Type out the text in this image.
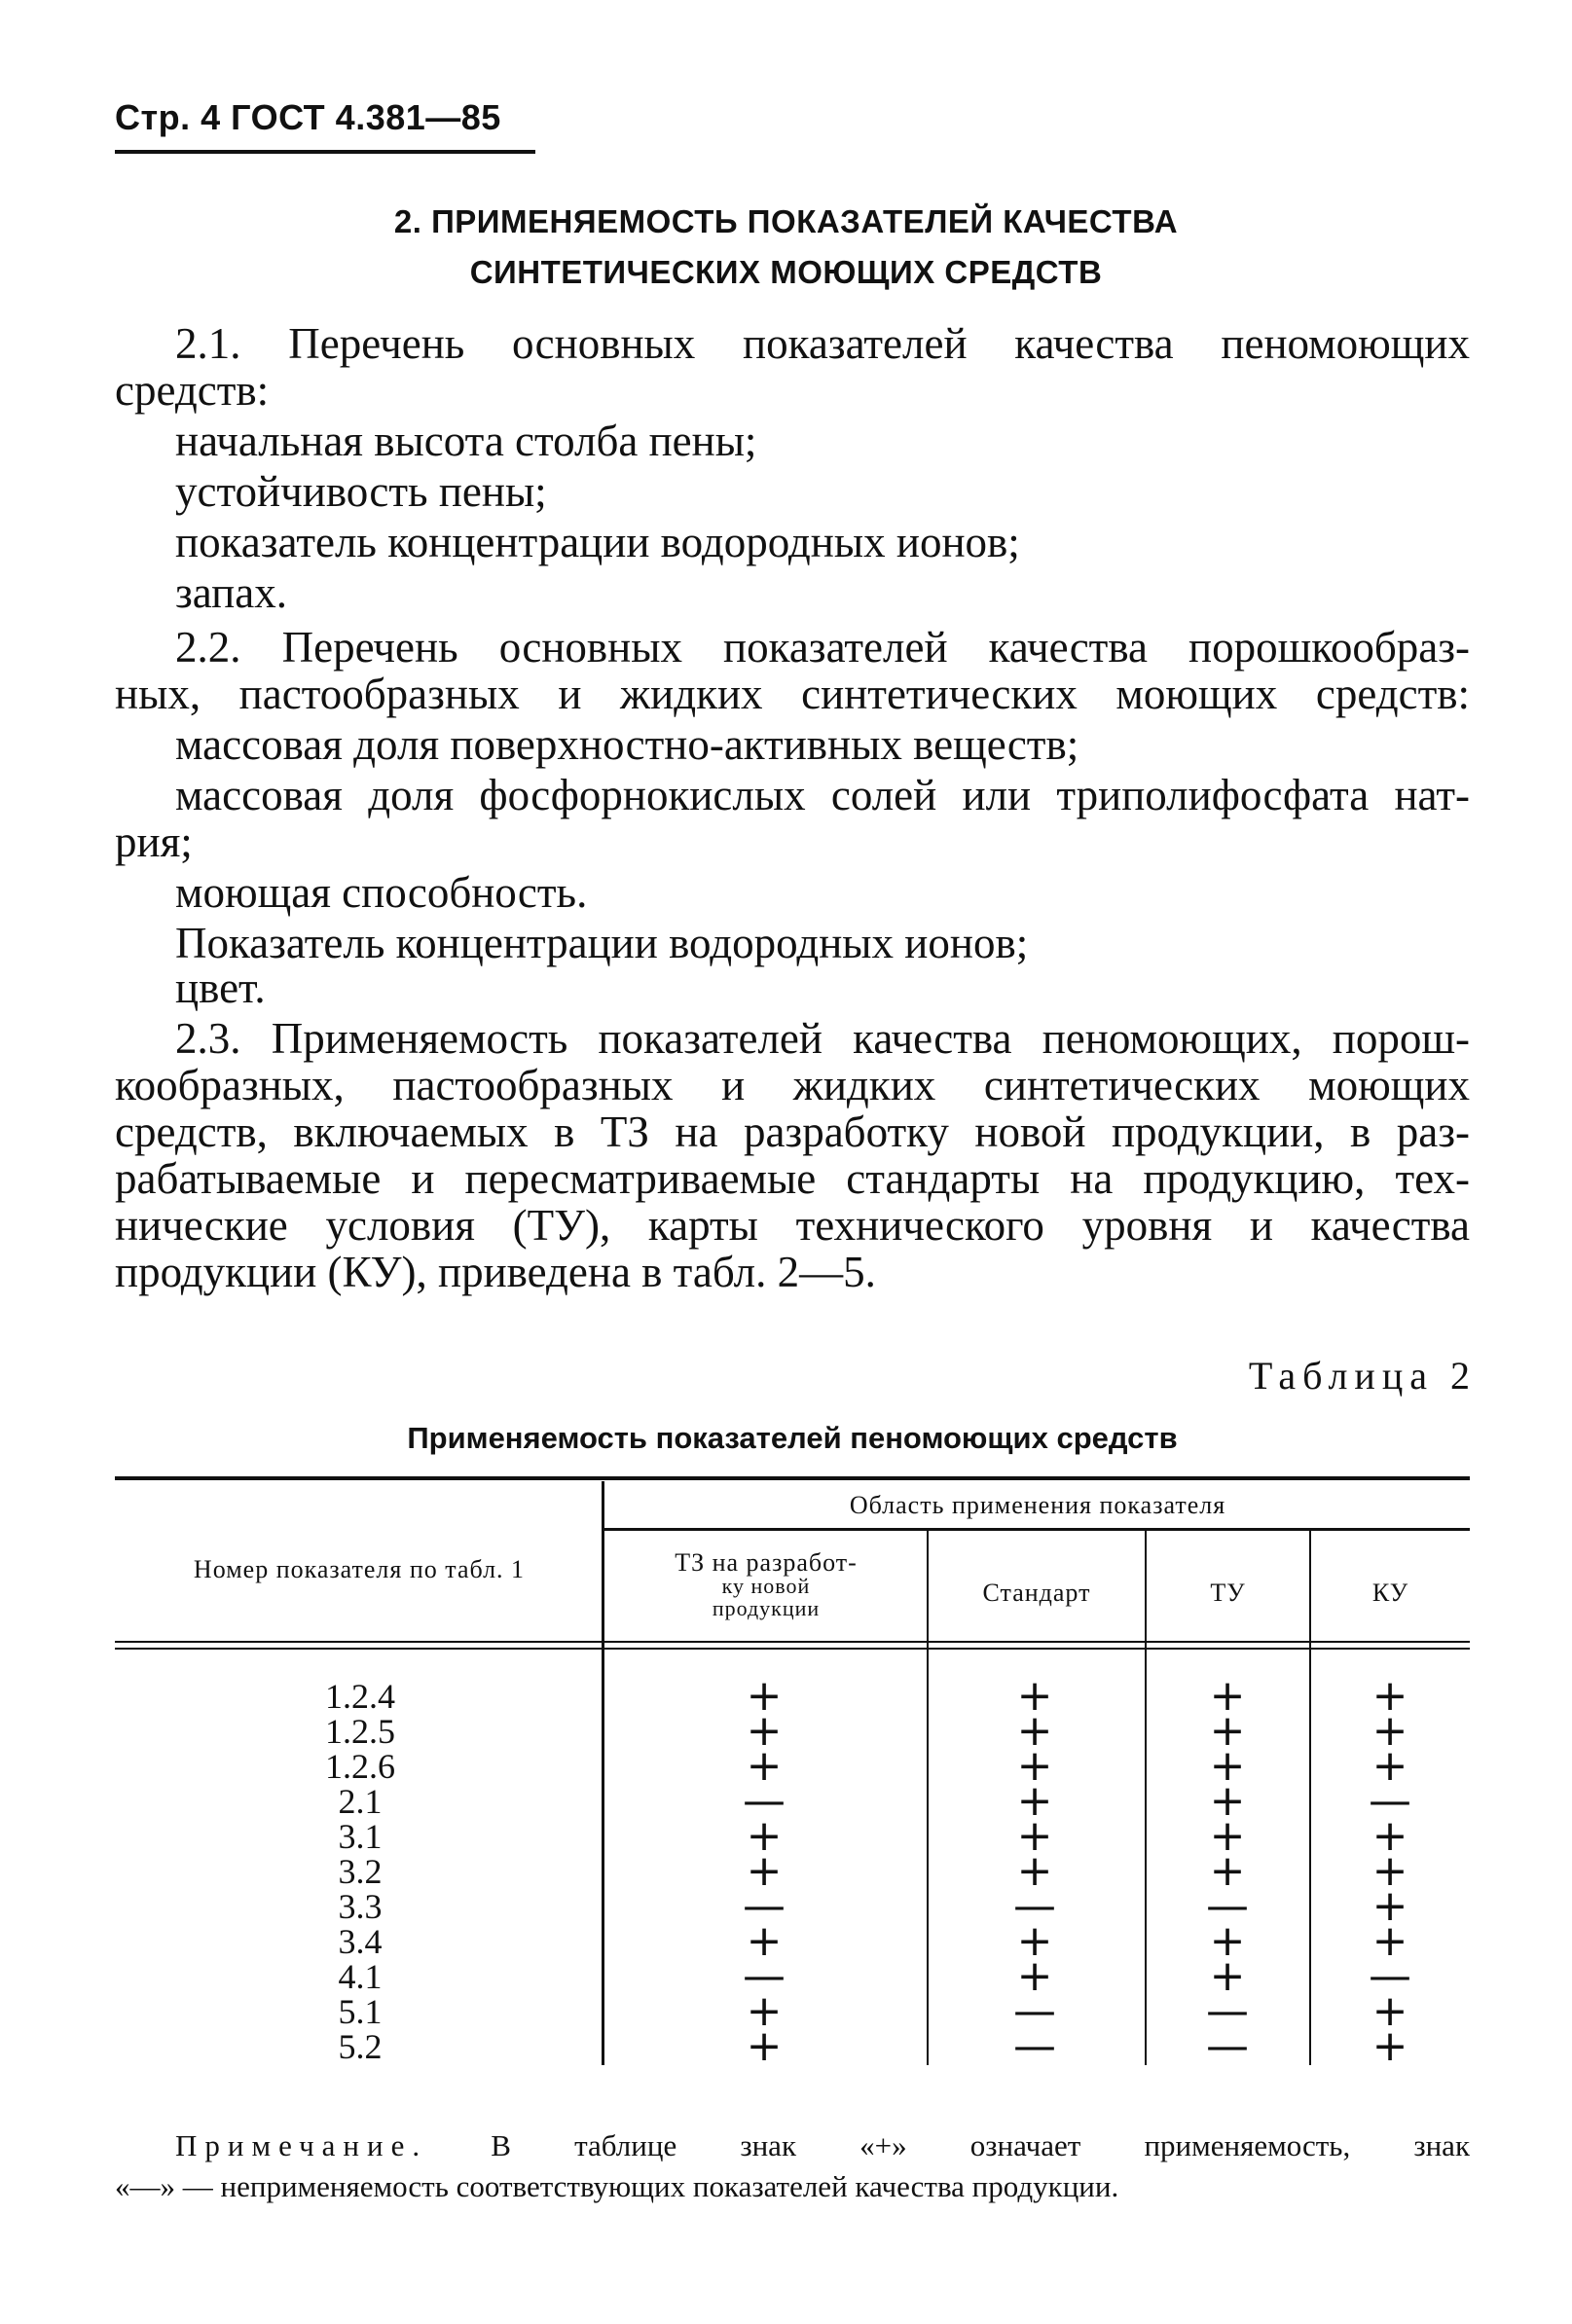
Стр. 4 ГОСТ 4.381—85
2. ПРИМЕНЯЕМОСТЬ ПОКАЗАТЕЛЕЙ КАЧЕСТВА
СИНТЕТИЧЕСКИХ МОЮЩИХ СРЕДСТВ
2.1. Перечень основных показателей качества пеномоющих
средств:
начальная высота столба пены;
устойчивость пены;
показатель концентрации водородных ионов;
запах.
2.2. Перечень основных показателей качества порошкообраз-
ных, пастообразных и жидких синтетических моющих средств:
массовая доля поверхностно-активных веществ;
массовая доля фосфорнокислых солей или триполифосфата нат-
рия;
моющая способность.
Показатель концентрации водородных ионов;
цвет.
2.3. Применяемость показателей качества пеномоющих, порош-
кообразных, пастообразных и жидких синтетических моющих
средств, включаемых в ТЗ на разработку новой продукции, в раз-
рабатываемые и пересматриваемые стандарты на продукцию, тех-
нические условия (ТУ), карты технического уровня и качества
продукции (КУ), приведена в табл. 2—5.
Таблица 2
Применяемость показателей пеномоющих средств
Номер показателя по табл. 1
Область применения показателя
ТЗ на разработ-
ку новой
продукции
Стандарт	ТУ	КУ
1.2.4	+	+	+	+
1.2.5	+	+	+	+
1.2.6	+	+	+	+
2.1	—	+	+	—
3.1	+	+	+	+
3.2	+	+	+	+
3.3	—	—	—	+
3.4	+	+	+	+
4.1	—	+	+	—
5.1	+	—	—	+
5.2	+	—	—	+
Примечание. В таблице знак «+» означает применяемость, знак
«—» — неприменяемость соответствующих показателей качества продукции.
